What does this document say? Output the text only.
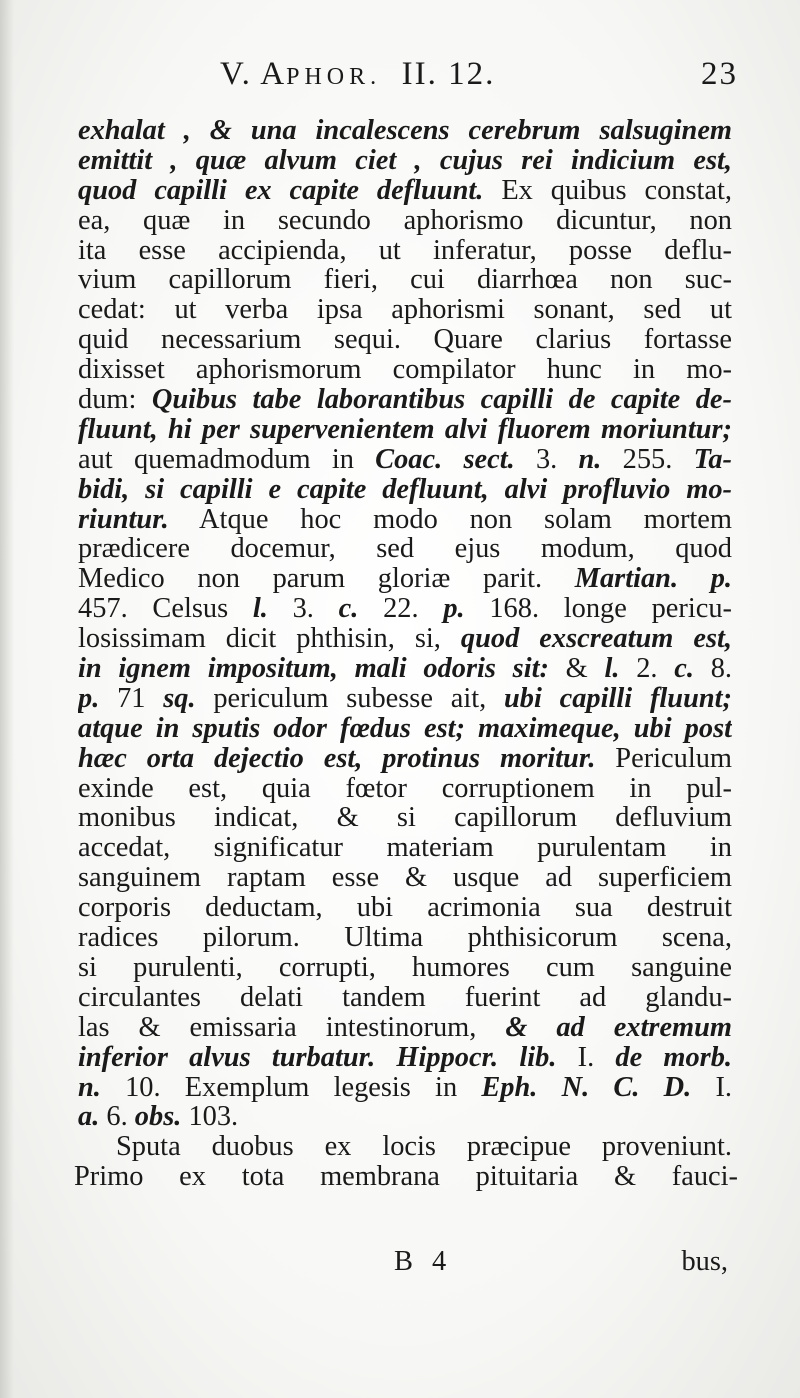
V. APHOR. II. 12.	23
exhalat , & una incalescens cerebrum salsuginem
emittit , quæ alvum ciet , cujus rei indicium est,
quod capilli ex capite defluunt. Ex quibus constat,
ea, quæ in secundo aphorismo dicuntur, non
ita esse accipienda, ut inferatur, posse deflu-
vium capillorum fieri, cui diarrhœa non suc-
cedat: ut verba ipsa aphorismi sonant, sed ut
quid necessarium sequi. Quare clarius fortasse
dixisset aphorismorum compilator hunc in mo-
dum: Quibus tabe laborantibus capilli de capite de-
fluunt, hi per supervenientem alvi fluorem moriuntur;
aut quemadmodum in Coac. sect. 3. n. 255. Ta-
bidi, si capilli e capite defluunt, alvi profluvio mo-
riuntur. Atque hoc modo non solam mortem
prædicere docemur, sed ejus modum, quod
Medico non parum gloriæ parit. Martian. p.
457. Celsus l. 3. c. 22. p. 168. longe pericu-
losissimam dicit phthisin, si, quod exscreatum est,
in ignem impositum, mali odoris sit: & l. 2. c. 8.
p. 71 sq. periculum subesse ait, ubi capilli fluunt;
atque in sputis odor fœdus est; maximeque, ubi post
hæc orta dejectio est, protinus moritur. Periculum
exinde est, quia fœtor corruptionem in pul-
monibus indicat, & si capillorum defluvium
accedat, significatur materiam purulentam in
sanguinem raptam esse & usque ad superficiem
corporis deductam, ubi acrimonia sua destruit
radices pilorum. Ultima phthisicorum scena,
si purulenti, corrupti, humores cum sanguine
circulantes delati tandem fuerint ad glandu-
las & emissaria intestinorum, & ad extremum
inferior alvus turbatur. Hippocr. lib. I. de morb.
n. 10. Exemplum legesis in Eph. N. C. D. I.
a. 6. obs. 103.
Sputa duobus ex locis præcipue proveniunt.
Primo ex tota membrana pituitaria & fauci-
B 4	bus,
